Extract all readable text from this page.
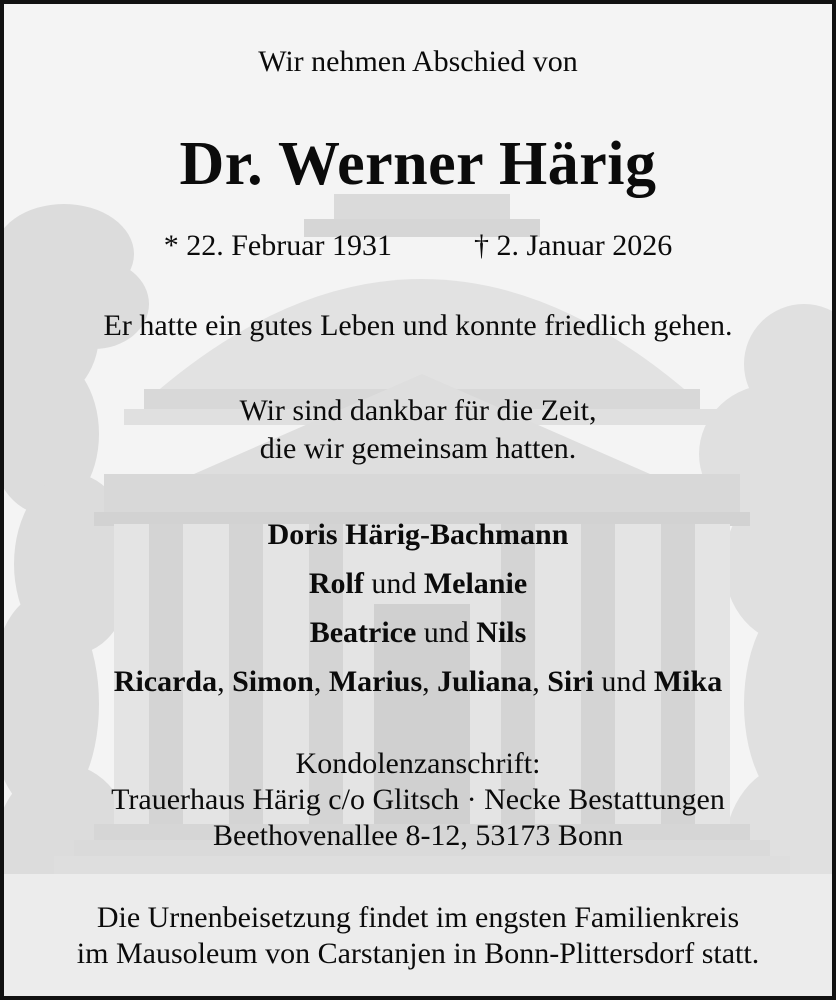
Wir nehmen Abschied von
Dr. Werner Härig
* 22. Februar 1931	† 2. Januar 2026
Er hatte ein gutes Leben und konnte friedlich gehen.
Wir sind dankbar für die Zeit,
die wir gemeinsam hatten.
Doris Härig-Bachmann
Rolf und Melanie
Beatrice und Nils
Ricarda, Simon, Marius, Juliana, Siri und Mika
Kondolenzanschrift:
Trauerhaus Härig c/o Glitsch · Necke Bestattungen
Beethovenallee 8-12, 53173 Bonn
Die Urnenbeisetzung findet im engsten Familienkreis
im Mausoleum von Carstanjen in Bonn-Plittersdorf statt.
